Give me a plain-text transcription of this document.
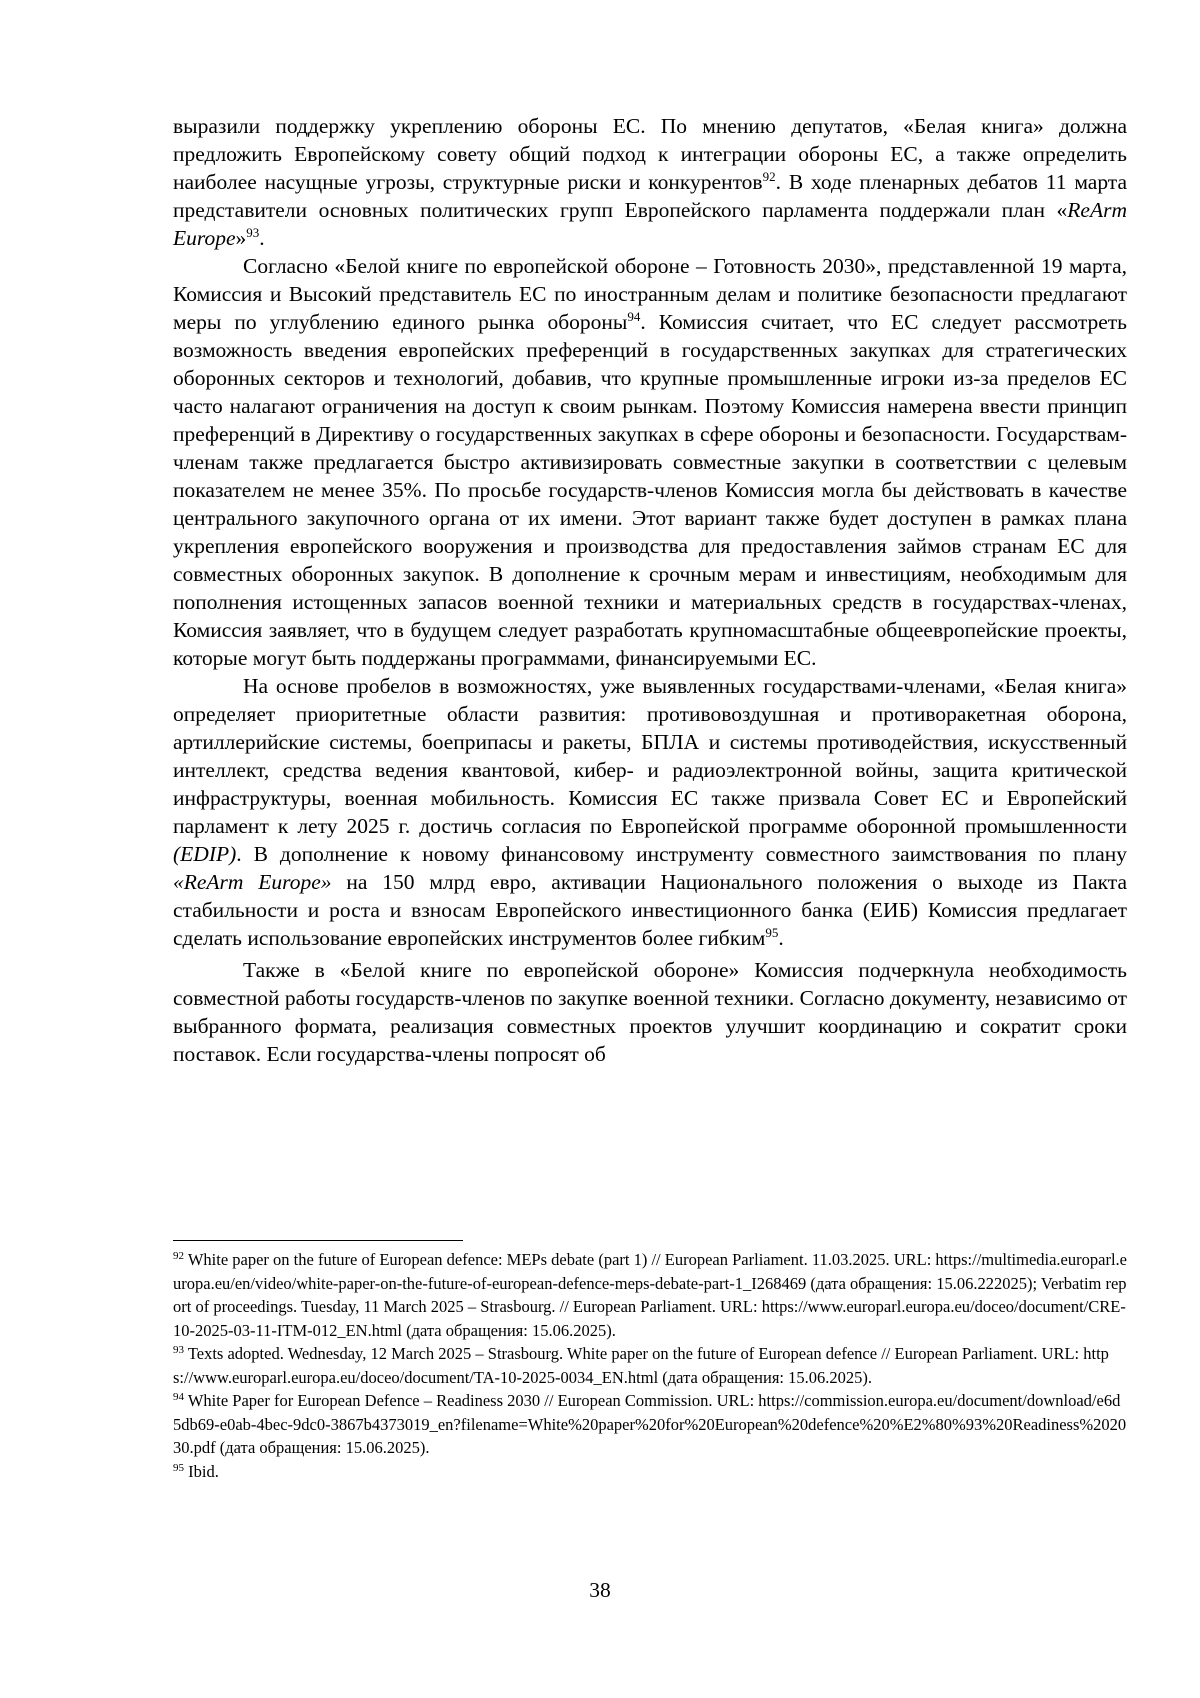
выразили поддержку укреплению обороны ЕС. По мнению депутатов, «Белая книга» должна предложить Европейскому совету общий подход к интеграции обороны ЕС, а также определить наиболее насущные угрозы, структурные риски и конкурентов$^{92}$. В ходе пленарных дебатов 11 марта представители основных политических групп Европейского парламента поддержали план «ReArm Europe»$^{93}$.

Согласно «Белой книге по европейской обороне – Готовность 2030», представленной 19 марта, Комиссия и Высокий представитель ЕС по иностранным делам и политике безопасности предлагают меры по углублению единого рынка обороны$^{94}$. Комиссия считает, что ЕС следует рассмотреть возможность введения европейских преференций в государственных закупках для стратегических оборонных секторов и технологий, добавив, что крупные промышленные игроки из-за пределов ЕС часто налагают ограничения на доступ к своим рынкам. Поэтому Комиссия намерена ввести принцип преференций в Директиву о государственных закупках в сфере обороны и безопасности. Государствам-членам также предлагается быстро активизировать совместные закупки в соответствии с целевым показателем не менее 35%. По просьбе государств-членов Комиссия могла бы действовать в качестве центрального закупочного органа от их имени. Этот вариант также будет доступен в рамках плана укрепления европейского вооружения и производства для предоставления займов странам ЕС для совместных оборонных закупок. В дополнение к срочным мерам и инвестициям, необходимым для пополнения истощенных запасов военной техники и материальных средств в государствах-членах, Комиссия заявляет, что в будущем следует разработать крупномасштабные общеевропейские проекты, которые могут быть поддержаны программами, финансируемыми ЕС.

На основе пробелов в возможностях, уже выявленных государствами-членами, «Белая книга» определяет приоритетные области развития: противовоздушная и противоракетная оборона, артиллерийские системы, боеприпасы и ракеты, БПЛА и системы противодействия, искусственный интеллект, средства ведения квантовой, кибер- и радиоэлектронной войны, защита критической инфраструктуры, военная мобильность. Комиссия ЕС также призвала Совет ЕС и Европейский парламент к лету 2025 г. достичь согласия по Европейской программе оборонной промышленности (EDIP). В дополнение к новому финансовому инструменту совместного заимствования по плану «ReArm Europe» на 150 млрд евро, активации Национального положения о выходе из Пакта стабильности и роста и взносам Европейского инвестиционного банка (ЕИБ) Комиссия предлагает сделать использование европейских инструментов более гибким$^{95}$.

Также в «Белой книге по европейской обороне» Комиссия подчеркнула необходимость совместной работы государств-членов по закупке военной техники. Согласно документу, независимо от выбранного формата, реализация совместных проектов улучшит координацию и сократит сроки поставок. Если государства-члены попросят об

$^{92}$ White paper on the future of European defence: MEPs debate (part 1) // European Parliament. 11.03.2025. URL: https://multimedia.europarl.europa.eu/en/video/white-paper-on-the-future-of-european-defence-meps-debate-part-1_I268469 (дата обращения: 15.06.222025); Verbatim report of proceedings. Tuesday, 11 March 2025 – Strasbourg. // European Parliament. URL: https://www.europarl.europa.eu/doceo/document/CRE-10-2025-03-11-ITM-012_EN.html (дата обращения: 15.06.2025).

$^{93}$ Texts adopted. Wednesday, 12 March 2025 – Strasbourg. White paper on the future of European defence // European Parliament. URL: https://www.europarl.europa.eu/doceo/document/TA-10-2025-0034_EN.html (дата обращения: 15.06.2025).

$^{94}$ White Paper for European Defence – Readiness 2030 // European Commission. URL: https://commission.europa.eu/document/download/e6d5db69-e0ab-4bec-9dc0-3867b4373019_en?filename=White%20paper%20for%20European%20defence%20%E2%80%93%20Readiness%202030.pdf (дата обращения: 15.06.2025).

$^{95}$ Ibid.

38
